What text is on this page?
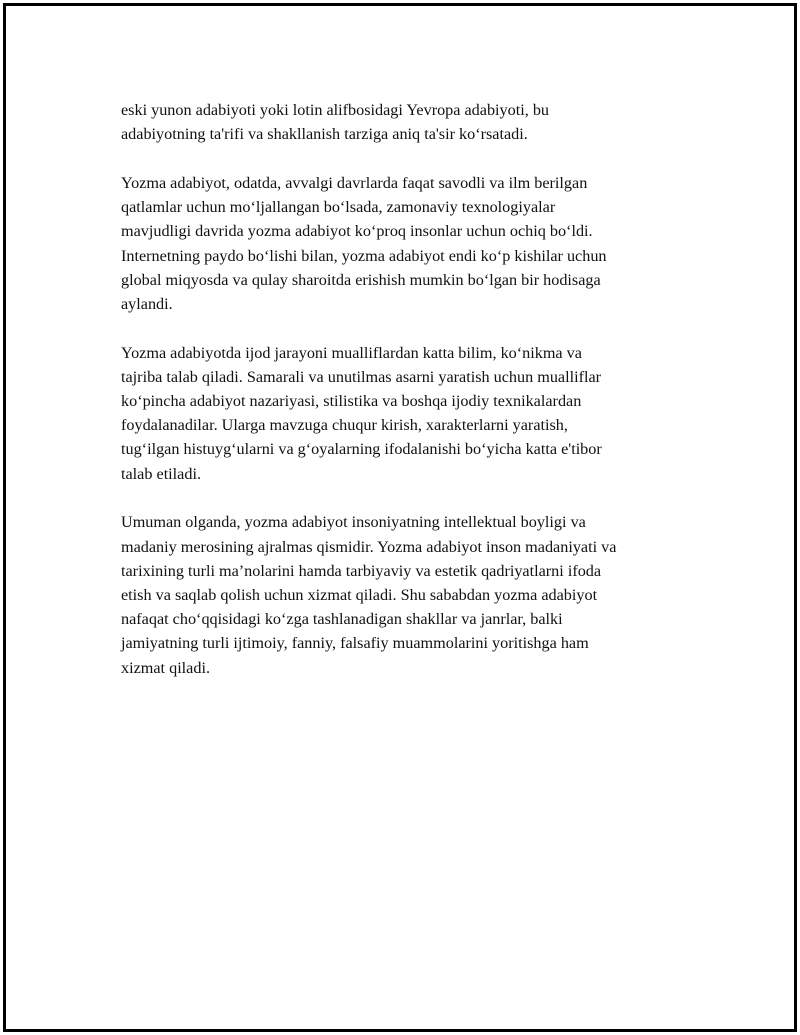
eski yunon adabiyoti yoki lotin alifbosidagi Yevropa adabiyoti, bu
adabiyotning ta'rifi va shakllanish tarziga aniq ta'sir koʻrsatadi.

Yozma adabiyot, odatda, avvalgi davrlarda faqat savodli va ilm berilgan
qatlamlar uchun moʻljallangan boʻlsada, zamonaviy texnologiyalar
mavjudligi davrida yozma adabiyot koʻproq insonlar uchun ochiq boʻldi.
Internetning paydo boʻlishi bilan, yozma adabiyot endi koʻp kishilar uchun
global miqyosda va qulay sharoitda erishish mumkin boʻlgan bir hodisaga
aylandi.

Yozma adabiyotda ijod jarayoni mualliflardan katta bilim, koʻnikma va
tajriba talab qiladi. Samarali va unutilmas asarni yaratish uchun mualliflar
koʻpincha adabiyot nazariyasi, stilistika va boshqa ijodiy texnikalardan
foydalanadilar. Ularga mavzuga chuqur kirish, xarakterlarni yaratish,
tugʻilgan histuygʻularni va gʻoyalarning ifodalanishi boʻyicha katta e'tibor
talab etiladi.

Umuman olganda, yozma adabiyot insoniyatning intellektual boyligi va
madaniy merosining ajralmas qismidir. Yozma adabiyot inson madaniyati va
tarixining turli maʼnolarini hamda tarbiyaviy va estetik qadriyatlarni ifoda
etish va saqlab qolish uchun xizmat qiladi. Shu sababdan yozma adabiyot
nafaqat choʻqqisidagi koʻzga tashlanadigan shakllar va janrlar, balki
jamiyatning turli ijtimoiy, fanniy, falsafiy muammolarini yoritishga ham
xizmat qiladi.
